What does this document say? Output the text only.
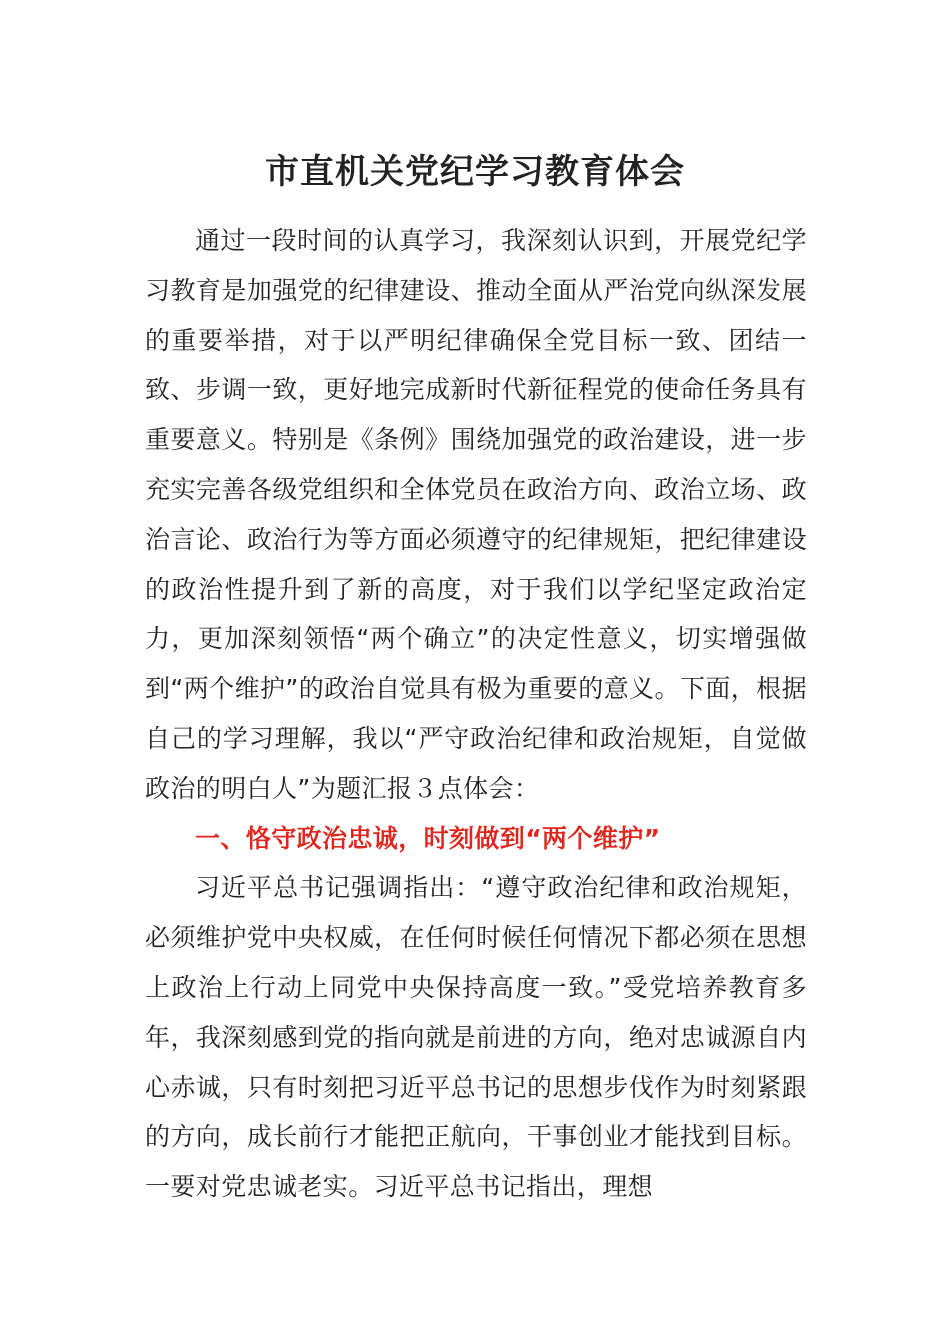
市直机关党纪学习教育体会

通过一段时间的认真学习，我深刻认识到，开展党纪学习教育是加强党的纪律建设、推动全面从严治党向纵深发展的重要举措，对于以严明纪律确保全党目标一致、团结一致、步调一致，更好地完成新时代新征程党的使命任务具有重要意义。特别是《条例》围绕加强党的政治建设，进一步充实完善各级党组织和全体党员在政治方向、政治立场、政治言论、政治行为等方面必须遵守的纪律规矩，把纪律建设的政治性提升到了新的高度，对于我们以学纪坚定政治定力，更加深刻领悟“两个确立”的决定性意义，切实增强做到“两个维护”的政治自觉具有极为重要的意义。下面，根据自己的学习理解，我以“严守政治纪律和政治规矩，自觉做政治的明白人”为题汇报３点体会：

一、恪守政治忠诚，时刻做到“两个维护”

习近平总书记强调指出：“遵守政治纪律和政治规矩，必须维护党中央权威，在任何时候任何情况下都必须在思想上政治上行动上同党中央保持高度一致。”受党培养教育多年，我深刻感到党的指向就是前进的方向，绝对忠诚源自内心赤诚，只有时刻把习近平总书记的思想步伐作为时刻紧跟的方向，成长前行才能把正航向，干事创业才能找到目标。一要对党忠诚老实。习近平总书记指出，理想
